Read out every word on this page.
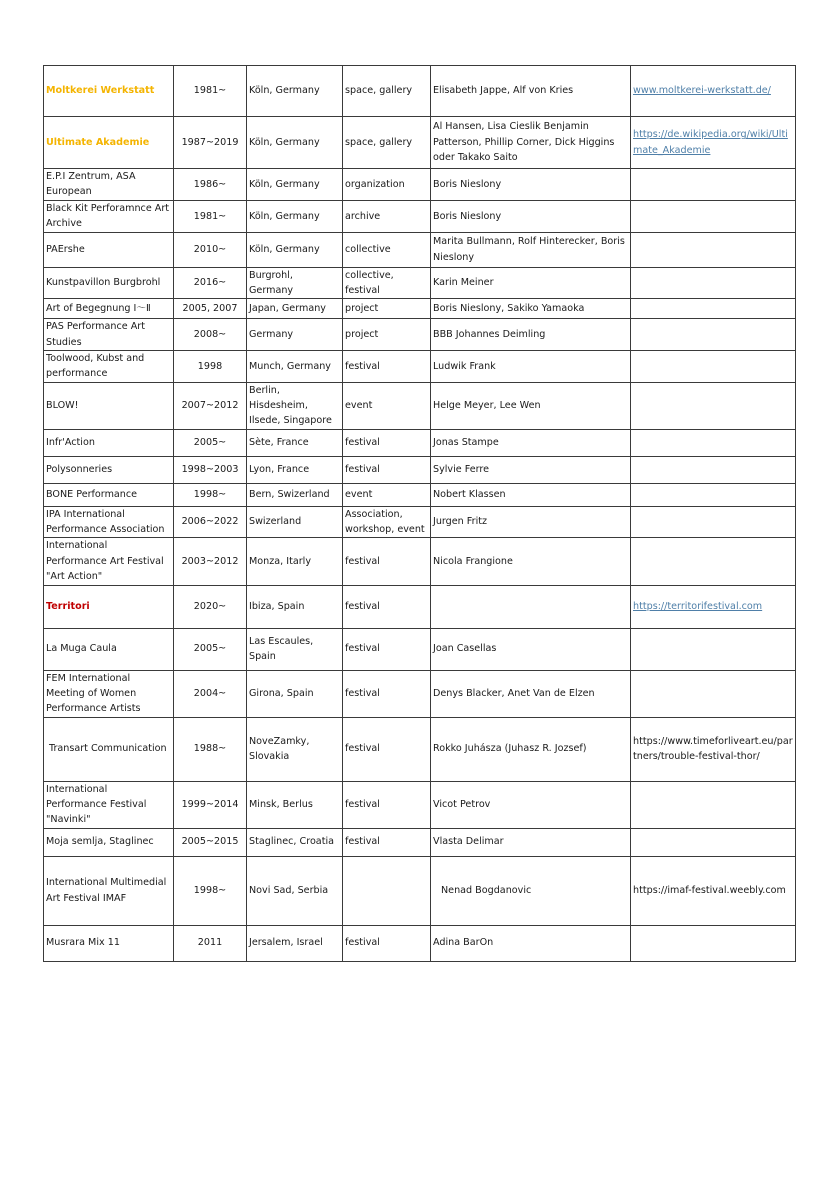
Moltkerei Werkstatt	1981~	Köln, Germany	space, gallery	Elisabeth Jappe, Alf von Kries	www.moltkerei-werkstatt.de/
Ultimate Akademie	1987~2019	Köln, Germany	space, gallery	Al Hansen, Lisa Cieslik Benjamin Patterson, Phillip Corner, Dick Higgins oder Takako Saito	https://de.wikipedia.org/wiki/Ultimate_Akademie
E.P.I Zentrum, ASA European	1986~	Köln, Germany	organization	Boris Nieslony	
Black Kit Perforamnce Art Archive	1981~	Köln, Germany	archive	Boris Nieslony	
PAErshe	2010~	Köln, Germany	collective	Marita Bullmann, Rolf Hinterecker, Boris Nieslony	
Kunstpavillon Burgbrohl	2016~	Burgrohl, Germany	collective, festival	Karin Meiner	
Art of Begegnung Ⅰ～Ⅱ	2005, 2007	Japan, Germany	project	Boris Nieslony, Sakiko Yamaoka	
PAS Performance Art Studies	2008~	Germany	project	BBB Johannes Deimling	
Toolwood, Kubst and performance	1998	Munch, Germany	festival	Ludwik Frank	
BLOW!	2007~2012	Berlin, Hisdesheim, Ilsede, Singapore	event	Helge Meyer, Lee Wen	
Infr'Action	2005~	Sète, France	festival	Jonas Stampe	
Polysonneries	1998~2003	Lyon, France	festival	Sylvie Ferre	
BONE Performance	1998~	Bern, Swizerland	event	Nobert Klassen	
IPA International Performance Association	2006~2022	Swizerland	Association, workshop, event	Jurgen Fritz	
International Performance Art Festival "Art Action"	2003~2012	Monza, Itarly	festival	Nicola Frangione	
Territori	2020~	Ibiza, Spain	festival		https://territorifestival.com
La Muga Caula	2005~	Las Escaules, Spain	festival	Joan Casellas	
FEM International Meeting of Women Performance Artists	2004~	Girona, Spain	festival	Denys Blacker, Anet Van de Elzen	
Transart Communication	1988~	NoveZamky, Slovakia	festival	Rokko Juhásza (Juhasz R. Jozsef)	https://www.timeforliveart.eu/partners/trouble-festival-thor/
International Performance Festival "Navinki"	1999~2014	Minsk, Berlus	festival	Vicot Petrov	
Moja semlja, Staglinec	2005~2015	Staglinec, Croatia	festival	Vlasta Delimar	
International Multimedial Art Festival IMAF	1998~	Novi Sad, Serbia		Nenad Bogdanovic	https://imaf-festival.weebly.com
Musrara Mix 11	2011	Jersalem, Israel	festival	Adina BarOn	
